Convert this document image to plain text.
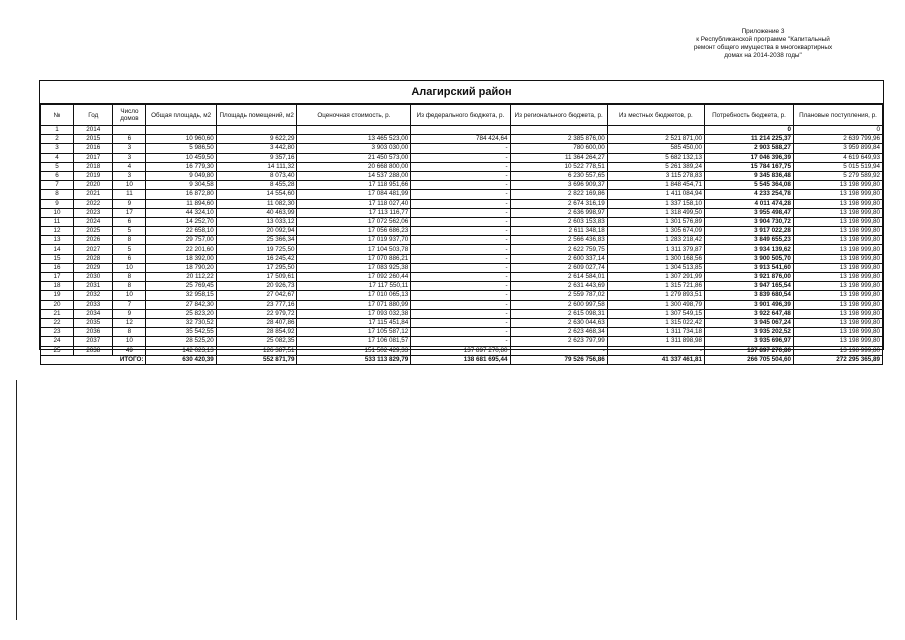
Приложение 3
к Республиканской программе "Капитальный
ремонт общего имущества в многоквартирных
домах на 2014-2038 годы"
Алагирский район
№	Год	Число домов	Общая площадь, м2	Площадь помещений, м2	Оценочная стоимость, р.	Из федерального бюджета, р.	Из регионального бюджета, р.	Из местных бюджетов, р.	Потребность бюджета, р.	Плановые поступления, р.
1	2014								0	0
2	2015	6	10 960,60	9 622,29	13 465 523,00	784 424,64	2 385 876,00	2 521 871,00	11 214 225,37	2 639 799,96
3	2016	3	5 986,50	3 442,80	3 903 030,00	-	780 600,00	585 450,00	2 903 588,27	3 959 899,84
4	2017	3	10 459,50	9 357,16	21 450 573,00	-	11 364 264,27	5 682 132,13	17 046 396,39	4 619 649,93
5	2018	4	16 779,30	14 111,32	20 668 800,00	-	10 522 778,51	5 261 389,24	15 784 167,75	5 015 519,94
6	2019	3	9 049,80	8 073,40	14 537 288,00	-	6 230 557,65	3 115 278,83	9 345 836,48	5 279 589,92
7	2020	10	9 304,58	8 455,28	17 118 951,66	-	3 696 909,37	1 848 454,71	5 545 364,08	13 198 999,80
8	2021	11	16 872,80	14 554,60	17 084 481,99	-	2 822 169,86	1 411 084,94	4 233 254,78	13 198 999,80
9	2022	9	11 894,60	11 082,30	17 118 027,40	-	2 674 316,19	1 337 158,10	4 011 474,28	13 198 999,80
10	2023	17	44 324,10	40 463,99	17 113 116,77	-	2 636 998,97	1 318 499,50	3 955 498,47	13 198 999,80
11	2024	6	14 252,70	13 033,12	17 072 562,06	-	2 603 153,83	1 301 576,89	3 904 730,72	13 198 999,80
12	2025	5	22 658,10	20 092,94	17 056 686,23	-	2 611 348,18	1 305 674,09	3 917 022,28	13 198 999,80
13	2026	8	29 757,00	25 366,34	17 019 937,70	-	2 566 436,83	1 283 218,42	3 849 655,23	13 198 999,80
14	2027	5	22 201,60	19 725,50	17 104 503,78	-	2 622 759,75	1 311 379,87	3 934 139,62	13 198 999,80
15	2028	6	18 392,00	16 245,42	17 070 886,21	-	2 600 337,14	1 300 168,56	3 900 505,70	13 198 999,80
16	2029	10	18 790,20	17 295,50	17 083 925,38	-	2 609 027,74	1 304 513,85	3 913 541,60	13 198 999,80
17	2030	8	20 112,22	17 509,61	17 092 260,44	-	2 614 584,01	1 307 291,99	3 921 876,00	13 198 999,80
18	2031	8	25 769,45	20 926,73	17 117 550,11	-	2 631 443,69	1 315 721,86	3 947 165,54	13 198 999,80
19	2032	10	32 958,15	27 042,67	17 010 065,13	-	2 559 787,02	1 279 893,51	3 839 680,54	13 198 999,80
20	2033	7	27 842,30	23 777,16	17 071 880,99	-	2 600 997,58	1 300 498,79	3 901 496,39	13 198 999,80
21	2034	9	25 823,20	22 979,72	17 093 032,38	-	2 615 098,31	1 307 549,15	3 922 647,48	13 198 999,80
22	2035	12	32 730,52	28 407,86	17 115 451,84	-	2 630 044,63	1 315 022,42	3 945 067,24	13 198 999,80
23	2036	8	35 542,55	28 854,92	17 105 587,12	-	2 623 468,34	1 311 734,18	3 935 202,52	13 198 999,80
24	2037	10	28 525,20	25 082,35	17 106 081,57	-	2 623 797,99	1 311 898,98	3 935 696,97	13 198 999,80
25	2038	49	142 023,13	126 387,51	151 502 429,33	137 897 270,80	-	-	137 897 270,80	13 198 999,80
ИТОГО:			630 420,39	552 871,79	533 113 829,79	138 681 695,44	79 526 756,86	41 337 461,81	266 705 504,60	272 295 365,89
